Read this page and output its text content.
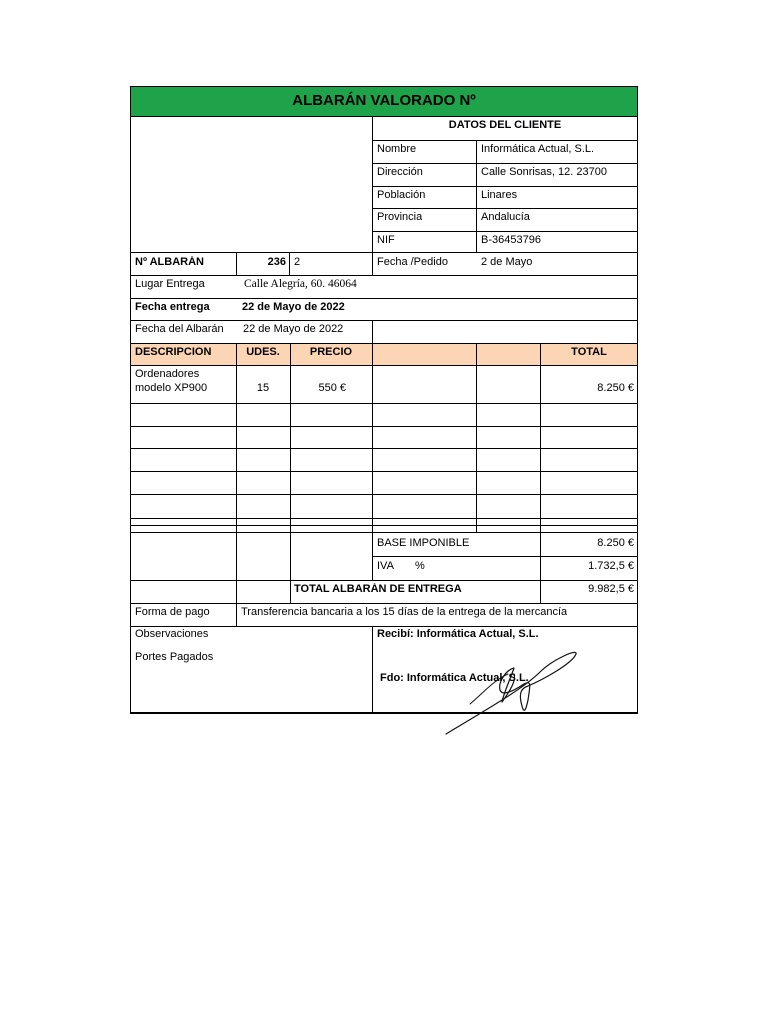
ALBARÁN VALORADO Nº
DATOS DEL CLIENTE
Nombre	Informática Actual, S.L.
Dirección	Calle Sonrisas, 12. 23700
Población	Linares
Provincia	Andalucía
NIF	B-36453796
Nº ALBARÁN	236 2	Fecha /Pedido	2 de Mayo
Lugar Entrega	Calle Alegría, 60. 46064
Fecha entrega	22 de Mayo de 2022
Fecha del Albarán 22 de Mayo de 2022
DESCRIPCION	UDES.	PRECIO	TOTAL
Ordenadores
modelo XP900	15	550 €	8.250 €
BASE IMPONIBLE	8.250 €
IVA %	1.732,5 €
TOTAL ALBARÁN DE ENTREGA	9.982,5 €
Forma de pago	Transferencia bancaria a los 15 días de la entrega de la mercancía
Observaciones
Portes Pagados
Recibí: Informática Actual, S.L.
Fdo: Informática Actual, S.L.
